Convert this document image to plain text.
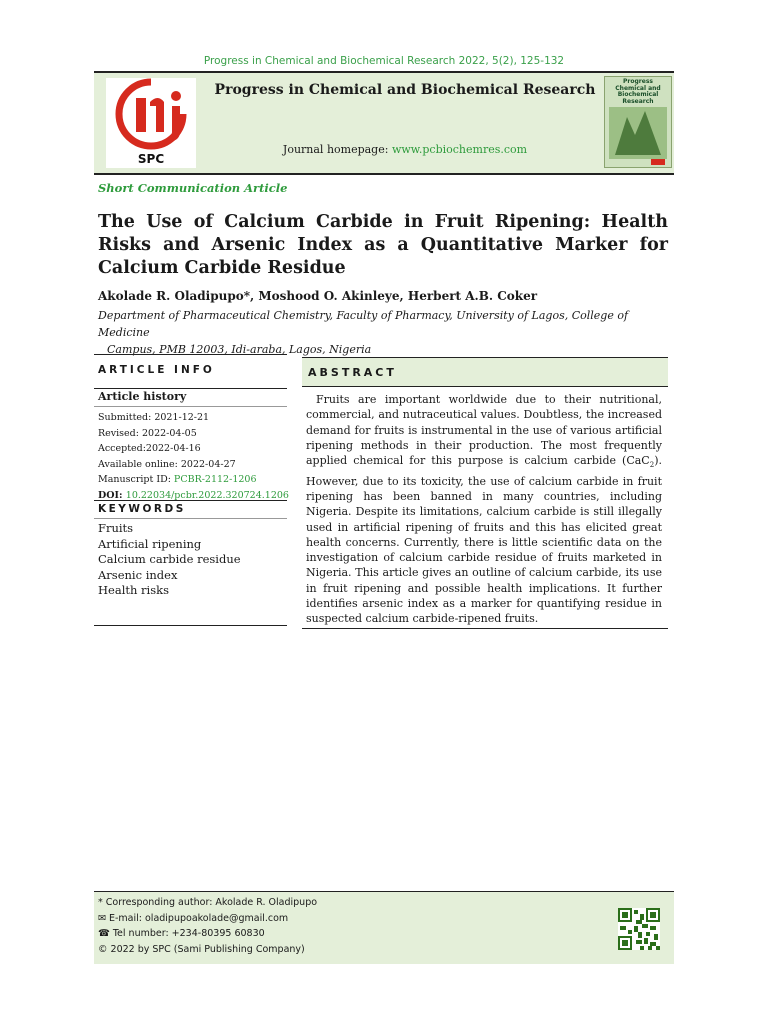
Progress in Chemical and Biochemical Research 2022, 5(2), 125-132
SPC
Progress in Chemical and Biochemical Research
Journal homepage: www.pcbiochemres.com
Progress Chemical and Biochemical Research
Short Communication Article
The Use of Calcium Carbide in Fruit Ripening: Health Risks and Arsenic Index as a Quantitative Marker for Calcium Carbide Residue
Akolade R. Oladipupo*, Moshood O. Akinleye, Herbert A.B. Coker
Department of Pharmaceutical Chemistry, Faculty of Pharmacy, University of Lagos, College of Medicine
Campus, PMB 12003, Idi-araba, Lagos, Nigeria
ARTICLE INFO
Article history
Submitted: 2021-12-21
Revised: 2022-04-05
Accepted:2022-04-16
Available online: 2022-04-27
Manuscript ID: PCBR-2112-1206
DOI: 10.22034/pcbr.2022.320724.1206
KEYWORDS
Fruits
Artificial ripening
Calcium carbide residue
Arsenic index
Health risks
ABSTRACT
Fruits are important worldwide due to their nutritional, commercial, and nutraceutical values. Doubtless, the increased demand for fruits is instrumental in the use of various artificial ripening methods in their production. The most frequently applied chemical for this purpose is calcium carbide (CaC$_2$). However, due to its toxicity, the use of calcium carbide in fruit ripening has been banned in many countries, including Nigeria. Despite its limitations, calcium carbide is still illegally used in artificial ripening of fruits and this has elicited great health concerns. Currently, there is little scientific data on the investigation of calcium carbide residue of fruits marketed in Nigeria. This article gives an outline of calcium carbide, its use in fruit ripening and possible health implications. It further identifies arsenic index as a marker for quantifying residue in suspected calcium carbide-ripened fruits.
* Corresponding author: Akolade R. Oladipupo
✉ E-mail: oladipupoakolade@gmail.com
☎ Tel number: +234-80395 60830
© 2022 by SPC (Sami Publishing Company)
